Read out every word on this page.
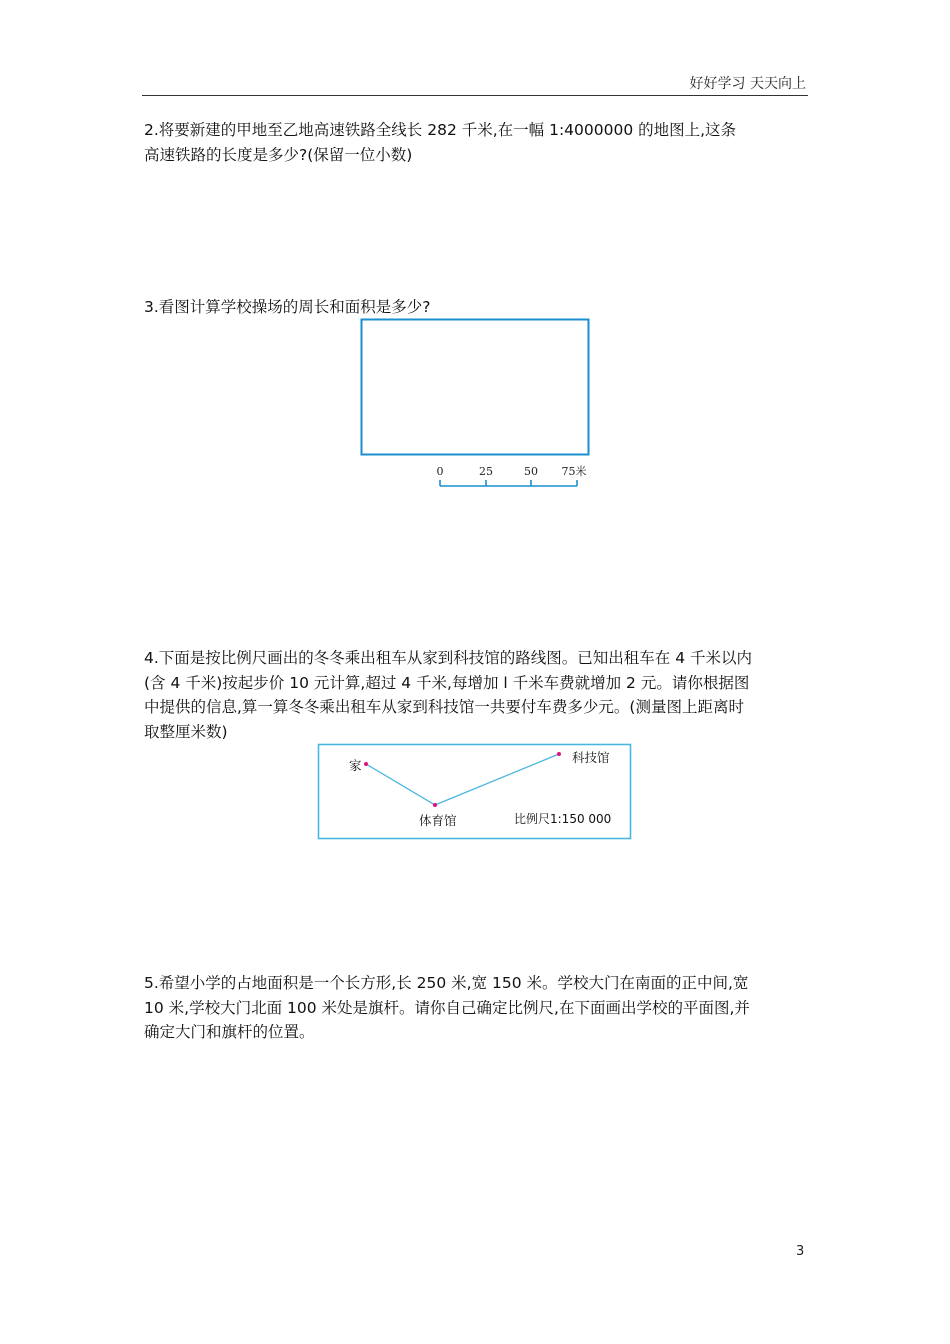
好好学习 天天向上
2.将要新建的甲地至乙地高速铁路全线长 282 千米,在一幅 1:4000000 的地图上,这条
高速铁路的长度是多少?(保留一位小数)
3.看图计算学校操场的周长和面积是多少?
0	25	50 75米
4.下面是按比例尺画出的冬冬乘出租车从家到科技馆的路线图。已知出租车在 4 千米以内
(含 4 千米)按起步价 10 元计算,超过 4 千米,每增加 l 千米车费就增加 2 元。请你根据图
中提供的信息,算一算冬冬乘出租车从家到科技馆一共要付车费多少元。(测量图上距离时
取整厘米数)
家
科技馆
体育馆	比例尺1:150 000
5.希望小学的占地面积是一个长方形,长 250 米,宽 150 米。学校大门在南面的正中间,宽
10 米,学校大门北面 100 米处是旗杆。请你自己确定比例尺,在下面画出学校的平面图,并
确定大门和旗杆的位置。
3
